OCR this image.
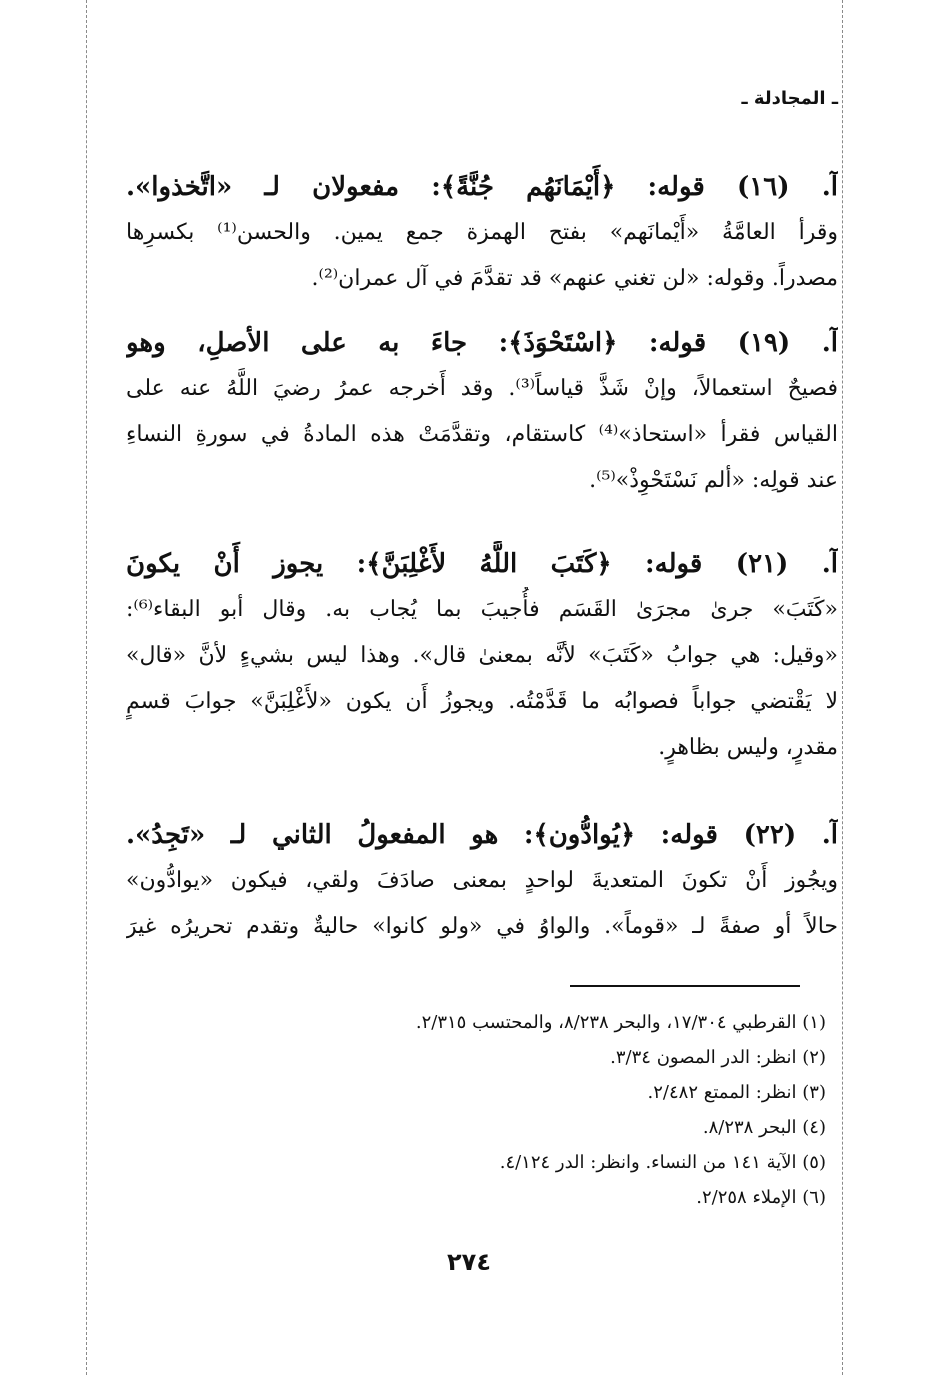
ـ المجادلة ـ
آ. (١٦) قوله: ﴿أَيْمَانَهُم جُنَّةً﴾: مفعولان لـ «اتَّخذوا».
وقرأ العامَّةُ «أَيْمانَهم» بفتح الهمزة جمع يمين. والحسن⁽¹⁾ بكسرِها
مصدراً. وقوله: «لن تغني عنهم» قد تقدَّمَ في آل عمران⁽²⁾.
آ. (١٩) قوله: ﴿اسْتَحْوَذَ﴾: جاءَ به على الأصلِ، وهو
فصيحٌ استعمالاً، وإنْ شَذَّ قياساً⁽³⁾. وقد أَخرجه عمرُ رضيَ اللَّهُ عنه على
القياس فقرأ «استحاذ»⁽⁴⁾ كاستقام، وتقدَّمَتْ هذه المادةُ في سورةِ النساءِ
عند قولِه: «ألم نَسْتَحْوِذْ»⁽⁵⁾.
آ. (٢١) قوله: ﴿كَتَبَ اللَّهُ لأَغْلِبَنَّ﴾: يجوز أَنْ يكونَ
«كَتَبَ» جرىٰ مجرَىٰ القَسَم فأُجيبَ بما يُجاب به. وقال أبو البقاء⁽⁶⁾:
«وقيل: هي جوابُ «كَتَبَ» لأنَّه بمعنىٰ قال». وهذا ليس بشيءٍ لأنَّ «قال»
لا يَقْتضي جواباً فصوابُه ما قَدَّمْتُه. ويجوزُ أَن يكون «لأَغْلِبَنَّ» جوابَ قسمٍ
مقدرٍ، وليس بظاهرٍ.
آ. (٢٢) قوله: ﴿يُوادُّون﴾: هو المفعولُ الثاني لـ «تَجِدُ».
ويجُوز أَنْ تكونَ المتعديةَ لواحدٍ بمعنى صادَفَ ولقي، فيكون «يوادُّون»
حالاً أو صفةً لـ «قوماً». والواوُ في «ولو كانوا» حاليةٌ وتقدم تحريرُه غيرَ
(١) القرطبي ١٧/٣٠٤، والبحر ٨/٢٣٨، والمحتسب ٢/٣١٥.
(٢) انظر: الدر المصون ٣/٣٤.
(٣) انظر: الممتع ٢/٤٨٢.
(٤) البحر ٨/٢٣٨.
(٥) الآية ١٤١ من النساء. وانظر: الدر ٤/١٢٤.
(٦) الإملاء ٢/٢٥٨.
٢٧٤
